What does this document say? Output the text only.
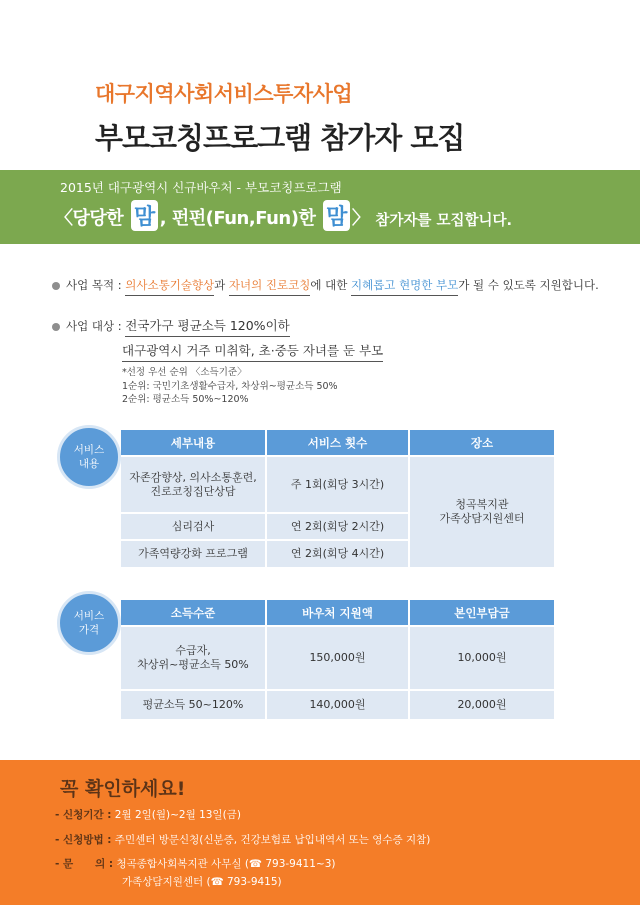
대구지역사회서비스투자사업
부모코칭프로그램 참가자 모집
2015년 대구광역시 신규바우처 - 부모코칭프로그램
〈당당한 맘 , 펀펀(Fun,Fun)한 맘 〉 참가자를 모집합니다.
사업 목적 : 의사소통기술향상과 자녀의 진로코칭에 대한 지혜롭고 현명한 부모가 될 수 있도록 지원합니다.
사업 대상 : 전국가구 평균소득 120%이하
대구광역시 거주 미취학, 초·중등 자녀를 둔 부모
*선정 우선 순위 〈소득기준〉
1순위: 국민기초생활수급자, 차상위~평균소득 50%
2순위: 평균소득 50%~120%
서비스
내용
세부내용	서비스 횟수	장소
자존감향상, 의사소통훈련,
진로코칭집단상담	주 1회(회당 3시간)	청곡복지관
가족상담지원센터
심리검사	연 2회(회당 2시간)	
가족역량강화 프로그램	연 2회(회당 4시간)	
서비스
가격
소득수준	바우처 지원액	본인부담금
수급자,
차상위~평균소득 50%	150,000원	10,000원
평균소득 50~120%	140,000원	20,000원
꼭 확인하세요!
- 신청기간 : 2월 2일(월)~2월 13일(금)
- 신청방법 : 주민센터 방문신청(신분증, 건강보험료 납입내역서 또는 영수증 지참)
- 문      의 : 청곡종합사회복지관 사무실 (☎ 793-9411~3)
가족상담지원센터 (☎ 793-9415)
